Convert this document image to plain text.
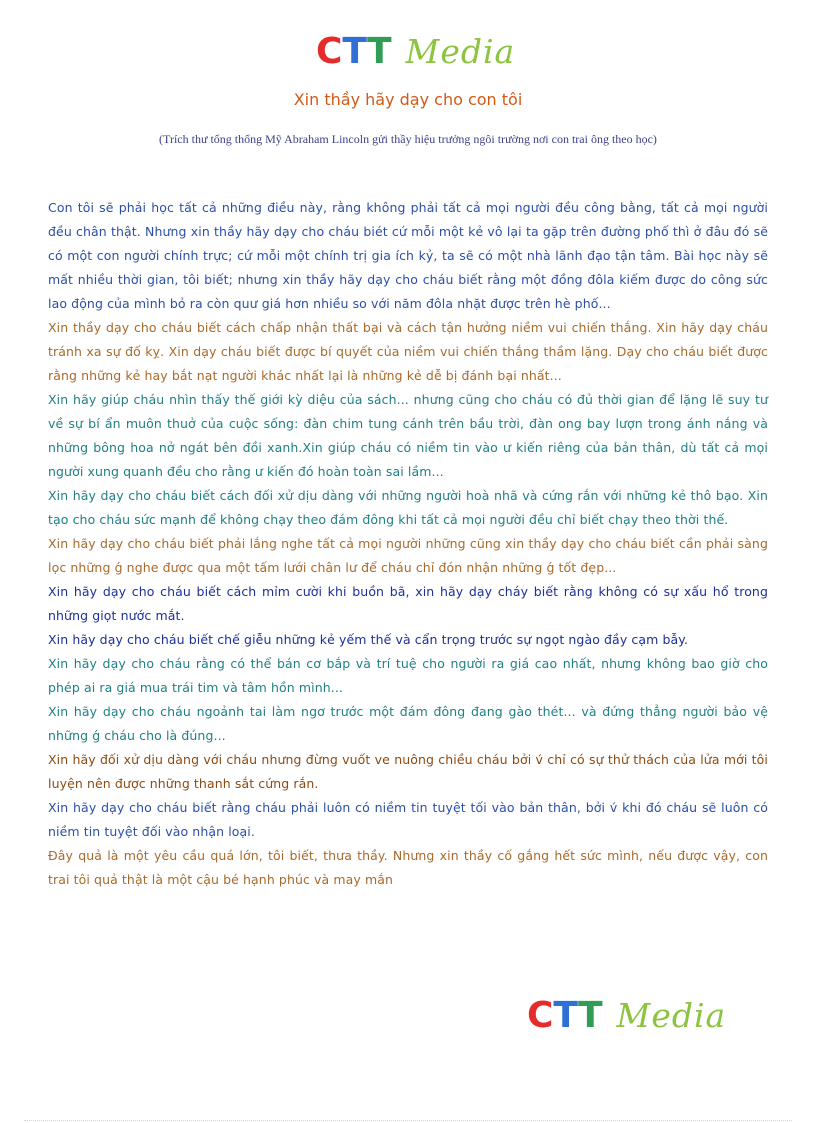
C T T Media
Xin thầy hãy dạy cho con tôi
(Trích thư tổng thống Mỹ Abraham Lincoln gửi thầy hiệu trưởng ngôi trường nơi con trai ông theo học)

Con tôi sẽ phải học tất cả những điều này, rằng không phải tất cả mọi người đều công bằng, tất cả mọi người đều chân thật. Nhưng xin thầy hãy dạy cho cháu biét cứ mỗi một kẻ vô lại ta gặp trên đường phố thì ở đâu đó sẽ có một con người chính trực; cứ mỗi một chính trị gia ích kỷ, ta sẽ có một nhà lãnh đạo tận tâm. Bài học này sẽ mất nhiều thời gian, tôi biết; nhưng xin thầy hãy dạy cho cháu biết rằng một đồng đôla kiếm được do công sức lao động của mình bỏ ra còn quư giá hơn nhiều so với năm đôla nhặt được trên hè phố...

Xin thầy dạy cho cháu biết cách chấp nhận thất bại và cách tận hưởng niềm vui chiến thắng. Xin hãy dạy cháu tránh xa sự đố kỵ. Xin dạy cháu biết được bí quyết của niềm vui chiến thắng thầm lặng. Dạy cho cháu biết được rằng những kẻ hay bắt nạt người khác nhất lại là những kẻ dễ bị đánh bại nhất...

Xin hãy giúp cháu nhìn thấy thế giới kỳ diệu của sách... nhưng cũng cho cháu có đủ thời gian để lặng lẽ suy tư về sự bí ẩn muôn thuở của cuộc sống: đàn chim tung cánh trên bầu trời, đàn ong bay lượn trong ánh nắng và những bông hoa nở ngát bên đồi xanh.Xin giúp cháu có niềm tin vào ư kiến riêng của bản thân, dù tất cả mọi người xung quanh đều cho rằng ư kiến đó hoàn toàn sai lầm...

Xin hãy dạy cho cháu biết cách đối xử dịu dàng với những người hoà nhã và cứng rắn với những kẻ thô bạo. Xin tạo cho cháu sức mạnh để không chạy theo đám đông khi tất cả mọi người đều chỉ biết chạy theo thời thế.

Xin hãy dạy cho cháu biết phải lắng nghe tất cả mọi người những cũng xin thầy dạy cho cháu biết cần phải sàng lọc những ǵ nghe được qua một tấm lưới chân lư để cháu chỉ đón nhận những ǵ tốt đẹp...

Xin hãy dạy cho cháu biết cách mỉm cười khi buồn bã, xin hãy dạy cháy biết rằng không có sự xấu hổ trong những giọt nước mắt.

Xin hãy dạy cho cháu biết chế giễu những kẻ yếm thế và cẩn trọng trước sự ngọt ngào đầy cạm bẫy.

Xin hãy dạy cho cháu rằng có thể bán cơ bắp và trí tuệ cho người ra giá cao nhất, nhưng không bao giờ cho phép ai ra giá mua trái tim và tâm hồn mình...

Xin hãy dạy cho cháu ngoảnh tai làm ngơ trước một đám đông đang gào thét... và đứng thẳng người bảo vệ những ǵ cháu cho là đúng...

Xin hãy đối xử dịu dàng với cháu nhưng đừng vuốt ve nuông chiều cháu bởi v́ chỉ có sự thử thách của lửa mới tôi luyện nên được những thanh sắt cứng rắn.

Xin hãy dạy cho cháu biết rằng cháu phải luôn có niềm tin tuyệt tối vào bản thân, bởi v́ khi đó cháu sẽ luôn có niềm tin tuyệt đối vào nhận loại.

Đây quả là một yêu cầu quá lớn, tôi biết, thưa thầy. Nhưng xin thầy cố gắng hết sức mình, nếu được vậy, con trai tôi quả thật là một cậu bé hạnh phúc và may mắn

C T T Media
